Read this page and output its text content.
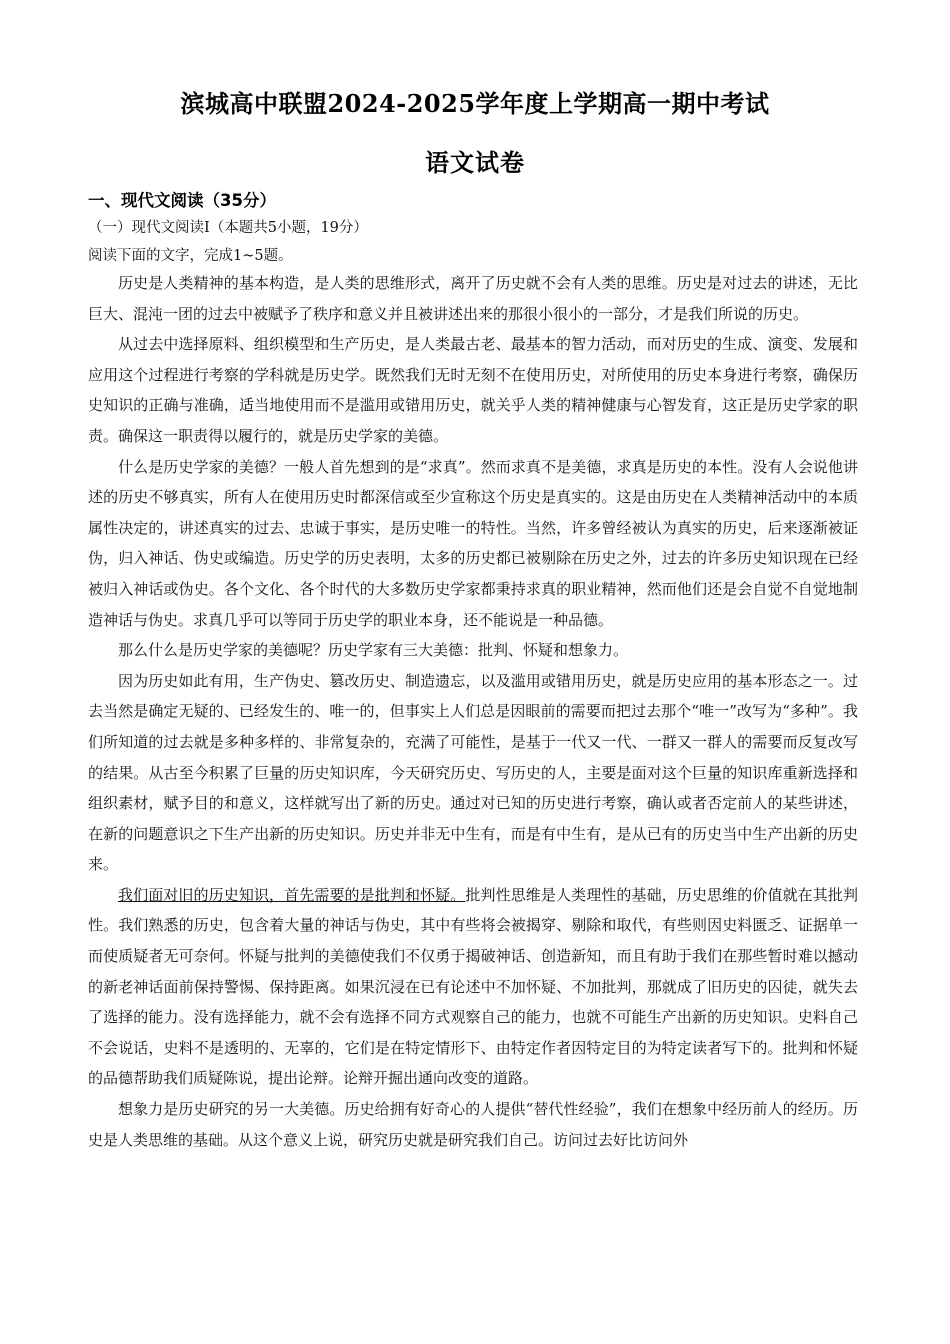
滨城高中联盟2024-2025学年度上学期高一期中考试
语文试卷
一、现代文阅读（35分）
（一）现代文阅读Ⅰ（本题共5小题，19分）
阅读下面的文字，完成1~5题。

历史是人类精神的基本构造，是人类的思维形式，离开了历史就不会有人类的思维。历史是对过去的讲述，无比巨大、混沌一团的过去中被赋予了秩序和意义并且被讲述出来的那很小很小的一部分，才是我们所说的历史。

从过去中选择原料、组织模型和生产历史，是人类最古老、最基本的智力活动，而对历史的生成、演变、发展和应用这个过程进行考察的学科就是历史学。既然我们无时无刻不在使用历史，对所使用的历史本身进行考察，确保历史知识的正确与准确，适当地使用而不是滥用或错用历史，就关乎人类的精神健康与心智发育，这正是历史学家的职责。确保这一职责得以履行的，就是历史学家的美德。

什么是历史学家的美德？一般人首先想到的是“求真”。然而求真不是美德，求真是历史的本性。没有人会说他讲述的历史不够真实，所有人在使用历史时都深信或至少宣称这个历史是真实的。这是由历史在人类精神活动中的本质属性决定的，讲述真实的过去、忠诚于事实，是历史唯一的特性。当然，许多曾经被认为真实的历史，后来逐渐被证伪，归入神话、伪史或编造。历史学的历史表明，太多的历史都已被剔除在历史之外，过去的许多历史知识现在已经被归入神话或伪史。各个文化、各个时代的大多数历史学家都秉持求真的职业精神，然而他们还是会自觉不自觉地制造神话与伪史。求真几乎可以等同于历史学的职业本身，还不能说是一种品德。

那么什么是历史学家的美德呢？历史学家有三大美德：批判、怀疑和想象力。

因为历史如此有用，生产伪史、篡改历史、制造遗忘，以及滥用或错用历史，就是历史应用的基本形态之一。过去当然是确定无疑的、已经发生的、唯一的，但事实上人们总是因眼前的需要而把过去那个“唯一”改写为“多种”。我们所知道的过去就是多种多样的、非常复杂的，充满了可能性，是基于一代又一代、一群又一群人的需要而反复改写的结果。从古至今积累了巨量的历史知识库，今天研究历史、写历史的人，主要是面对这个巨量的知识库重新选择和组织素材，赋予目的和意义，这样就写出了新的历史。通过对已知的历史进行考察，确认或者否定前人的某些讲述，在新的问题意识之下生产出新的历史知识。历史并非无中生有，而是有中生有，是从已有的历史当中生产出新的历史来。

我们面对旧的历史知识，首先需要的是批判和怀疑。批判性思维是人类理性的基础，历史思维的价值就在其批判性。我们熟悉的历史，包含着大量的神话与伪史，其中有些将会被揭穿、剔除和取代，有些则因史料匮乏、证据单一而使质疑者无可奈何。怀疑与批判的美德使我们不仅勇于揭破神话、创造新知，而且有助于我们在那些暂时难以撼动的新老神话面前保持警惕、保持距离。如果沉浸在已有论述中不加怀疑、不加批判，那就成了旧历史的囚徒，就失去了选择的能力。没有选择能力，就不会有选择不同方式观察自己的能力，也就不可能生产出新的历史知识。史料自己不会说话，史料不是透明的、无辜的，它们是在特定情形下、由特定作者因特定目的为特定读者写下的。批判和怀疑的品德帮助我们质疑陈说，提出论辩。论辩开掘出通向改变的道路。

想象力是历史研究的另一大美德。历史给拥有好奇心的人提供“替代性经验”，我们在想象中经历前人的经历。历史是人类思维的基础。从这个意义上说，研究历史就是研究我们自己。访问过去好比访问外
